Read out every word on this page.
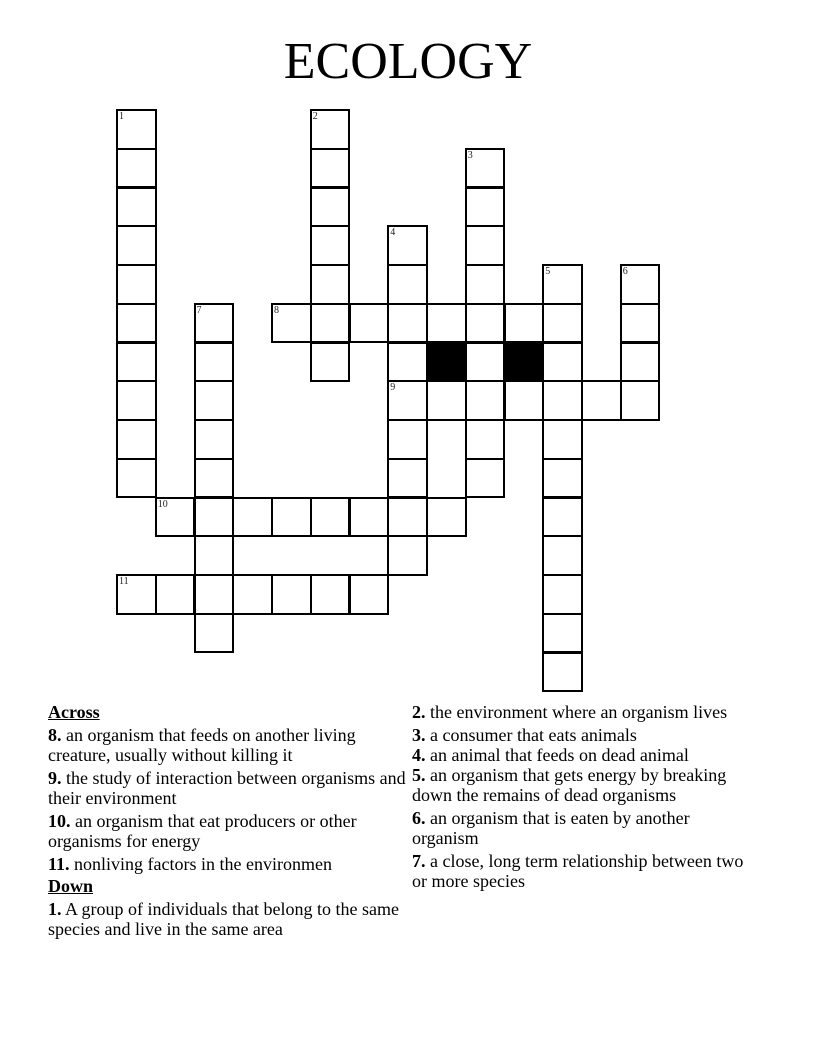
ECOLOGY
1	2
3
4
9
5	6
7	8
10
11
Across
8. an organism that feeds on another living creature, usually without killing it
9. the study of interaction between organisms and their environment
10. an organism that eat producers or other organisms for energy
11. nonliving factors in the environmen
Down
1. A group of individuals that belong to the same species and live in the same area
2. the environment where an organism lives
3. a consumer that eats animals
4. an animal that feeds on dead animal
5. an organism that gets energy by breaking down the remains of dead organisms
6. an organism that is eaten by another organism
7. a close, long term relationship between two or more species
